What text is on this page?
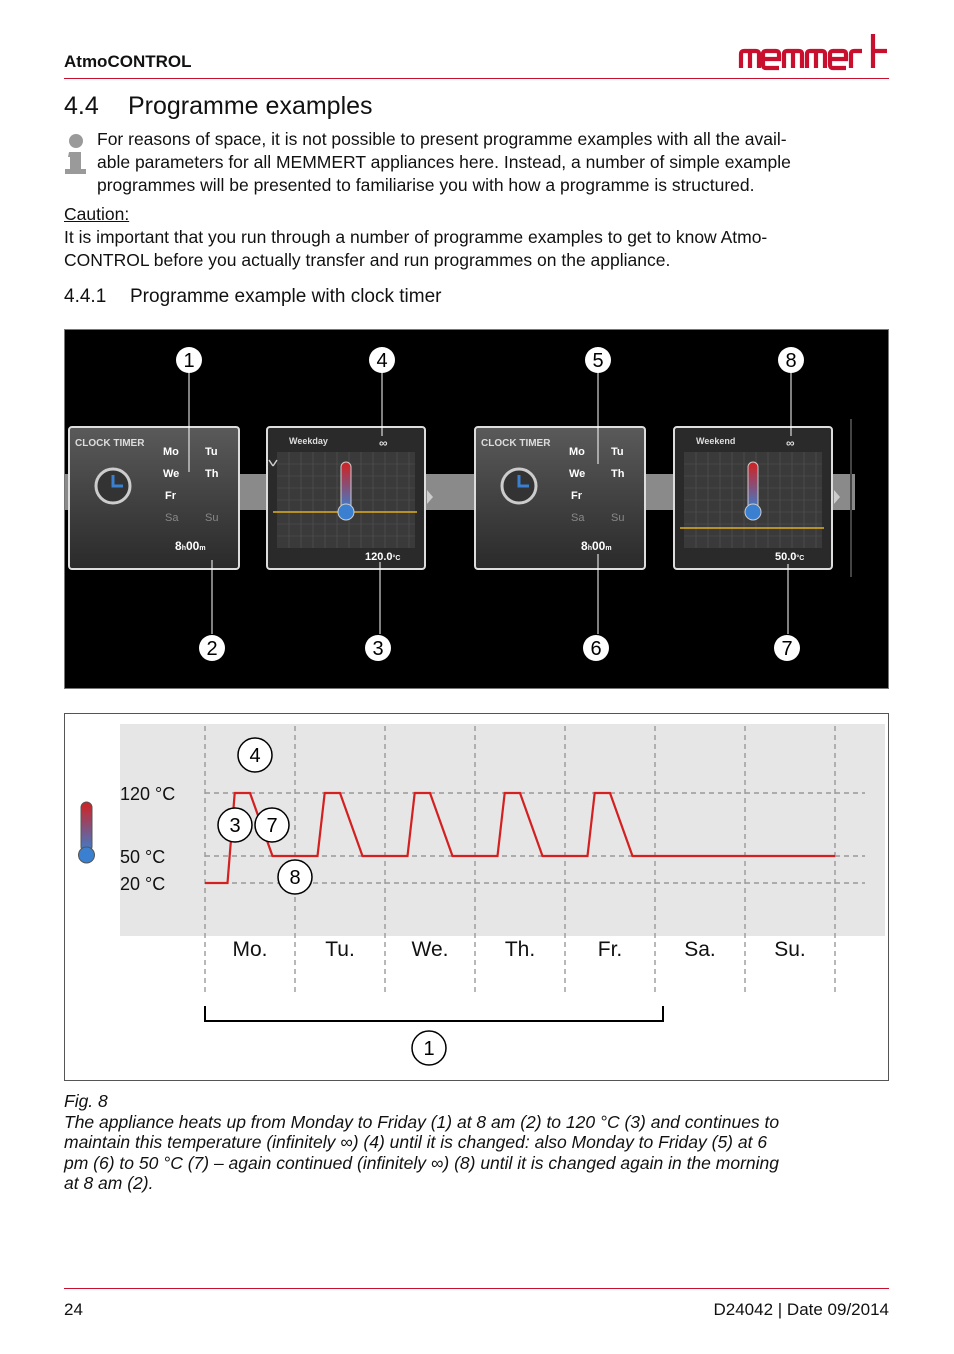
AtmoCONTROL
4.4 Programme examples
For reasons of space, it is not possible to present programme examples with all the avail-
able parameters for all MEMMERT appliances here. Instead, a number of simple example
programmes will be presented to familiarise you with how a programme is structured.
Caution:
It is important that you run through a number of programme examples to get to know Atmo-
CONTROL before you actually transfer and run programmes on the appliance.
4.4.1 Programme example with clock timer
CLOCK TIMER
Mo
We
Fr
Sa
Tu
Th
Su
8h00m
Weekday	∞
120.0°C
CLOCK TIMER
Mo
We
Fr
Sa
Tu
Th
Su
8h00m
Weekend	∞
50.0°C
1	4	5	8
2	3	6	7
120 °C
50 °C
20 °C
Mo.	Tu.	We.	Th.	Fr.	Sa.	Su.
4
3 7
8
1
Fig. 8
The appliance heats up from Monday to Friday (1) at 8 am (2) to 120 °C (3) and continues to
maintain this temperature (infinitely ∞) (4) until it is changed: also Monday to Friday (5) at 6
pm (6) to 50 °C (7) – again continued (infinitely ∞) (8) until it is changed again in the morning
at 8 am (2).
24	D24042 | Date 09/2014
